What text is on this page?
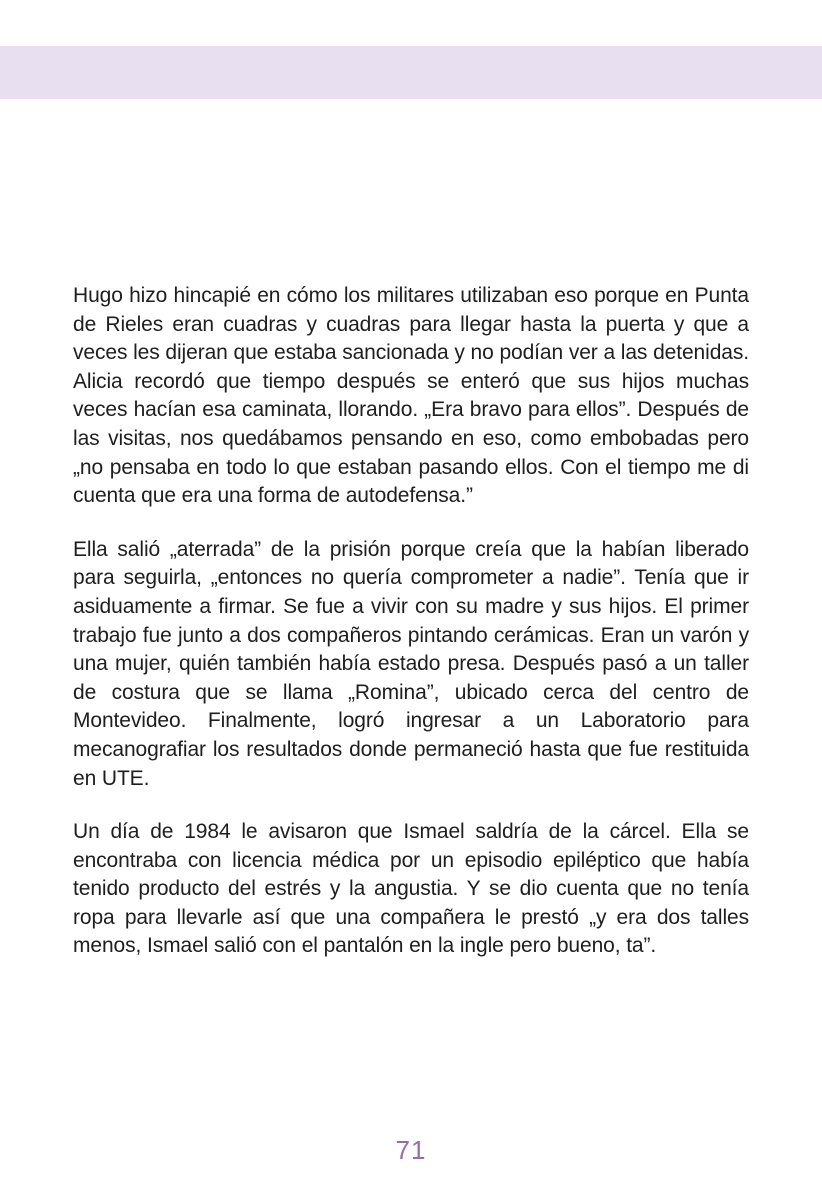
Hugo hizo hincapié en cómo los militares utilizaban eso porque en Punta de Rieles eran cuadras y cuadras para llegar hasta la puerta y que a veces les dijeran que estaba sancionada y no podían ver a las detenidas. Alicia recordó que tiempo después se enteró que sus hijos muchas veces hacían esa caminata, llorando. „Era bravo para ellos”. Después de las visitas, nos quedábamos pensando en eso, como embobadas pero „no pensaba en todo lo que estaban pasando ellos. Con el tiempo me di cuenta que era una forma de autodefensa.”

Ella salió „aterrada” de la prisión porque creía que la habían liberado para seguirla, „entonces no quería comprometer a nadie”. Tenía que ir asiduamente a firmar. Se fue a vivir con su madre y sus hijos. El primer trabajo fue junto a dos compañeros pintando cerámicas. Eran un varón y una mujer, quién también había estado presa. Después pasó a un taller de costura que se llama „Romina”, ubicado cerca del centro de Montevideo. Finalmente, logró ingresar a un Laboratorio para mecanografiar los resultados donde permaneció hasta que fue restituida en UTE.

Un día de 1984 le avisaron que Ismael saldría de la cárcel. Ella se encontraba con licencia médica por un episodio epiléptico que había tenido producto del estrés y la angustia. Y se dio cuenta que no tenía ropa para llevarle así que una compañera le prestó „y era dos talles menos, Ismael salió con el pantalón en la ingle pero bueno, ta”.

71
